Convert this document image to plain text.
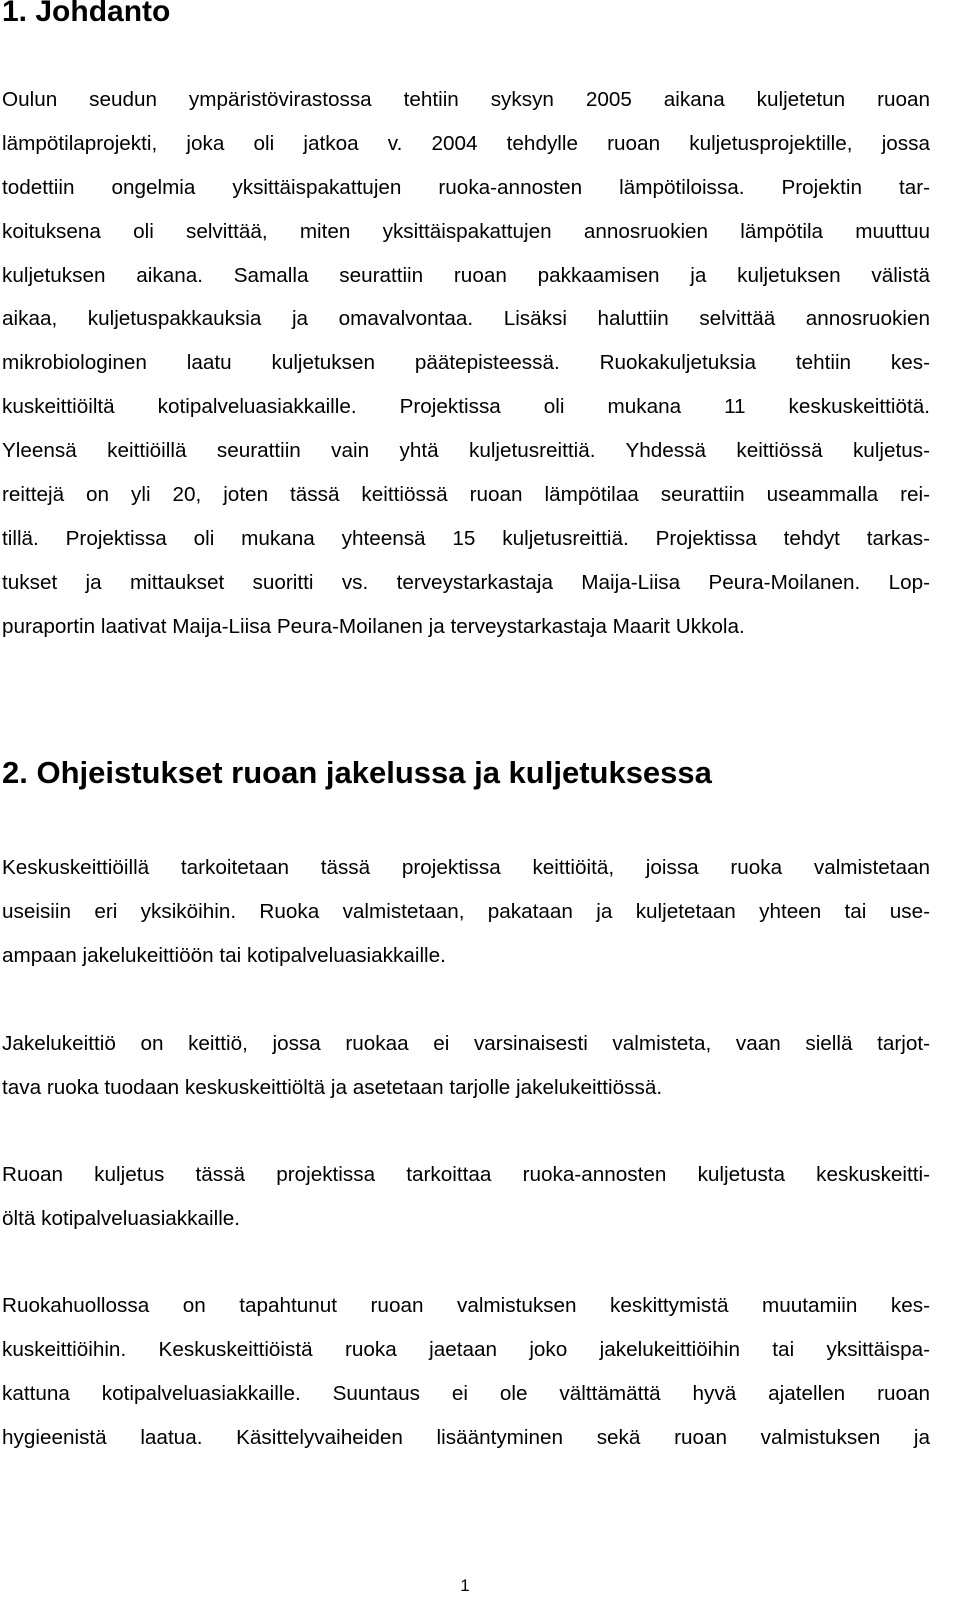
1. Johdanto
Oulun seudun ympäristövirastossa tehtiin syksyn 2005 aikana kuljetetun ruoan
lämpötilaprojekti, joka oli jatkoa v. 2004 tehdylle ruoan kuljetusprojektille, jossa
todettiin ongelmia yksittäispakattujen ruoka-annosten lämpötiloissa. Projektin tar-
koituksena oli selvittää, miten yksittäispakattujen annosruokien lämpötila muuttuu
kuljetuksen aikana. Samalla seurattiin ruoan pakkaamisen ja kuljetuksen välistä
aikaa, kuljetuspakkauksia ja omavalvontaa. Lisäksi haluttiin selvittää annosruokien
mikrobiologinen laatu kuljetuksen päätepisteessä. Ruokakuljetuksia tehtiin kes-
kuskeittiöiltä kotipalveluasiakkaille. Projektissa oli mukana 11 keskuskeittiötä.
Yleensä keittiöillä seurattiin vain yhtä kuljetusreittiä. Yhdessä keittiössä kuljetus-
reittejä on yli 20, joten tässä keittiössä ruoan lämpötilaa seurattiin useammalla rei-
tillä. Projektissa oli mukana yhteensä 15 kuljetusreittiä. Projektissa tehdyt tarkas-
tukset ja mittaukset suoritti vs. terveystarkastaja Maija-Liisa Peura-Moilanen. Lop-
puraportin laativat Maija-Liisa Peura-Moilanen ja terveystarkastaja Maarit Ukkola.
2. Ohjeistukset ruoan jakelussa ja kuljetuksessa
Keskuskeittiöillä tarkoitetaan tässä projektissa keittiöitä, joissa ruoka valmistetaan
useisiin eri yksiköihin. Ruoka valmistetaan, pakataan ja kuljetetaan yhteen tai use-
ampaan jakelukeittiöön tai kotipalveluasiakkaille.
Jakelukeittiö on keittiö, jossa ruokaa ei varsinaisesti valmisteta, vaan siellä tarjot-
tava ruoka tuodaan keskuskeittiöltä ja asetetaan tarjolle jakelukeittiössä.
Ruoan kuljetus tässä projektissa tarkoittaa ruoka-annosten kuljetusta keskuskeitti-
öltä kotipalveluasiakkaille.
Ruokahuollossa on tapahtunut ruoan valmistuksen keskittymistä muutamiin kes-
kuskeittiöihin. Keskuskeittiöistä ruoka jaetaan joko jakelukeittiöihin tai yksittäispa-
kattuna kotipalveluasiakkaille. Suuntaus ei ole välttämättä hyvä ajatellen ruoan
hygieenistä laatua. Käsittelyvaiheiden lisääntyminen sekä ruoan valmistuksen ja
1
